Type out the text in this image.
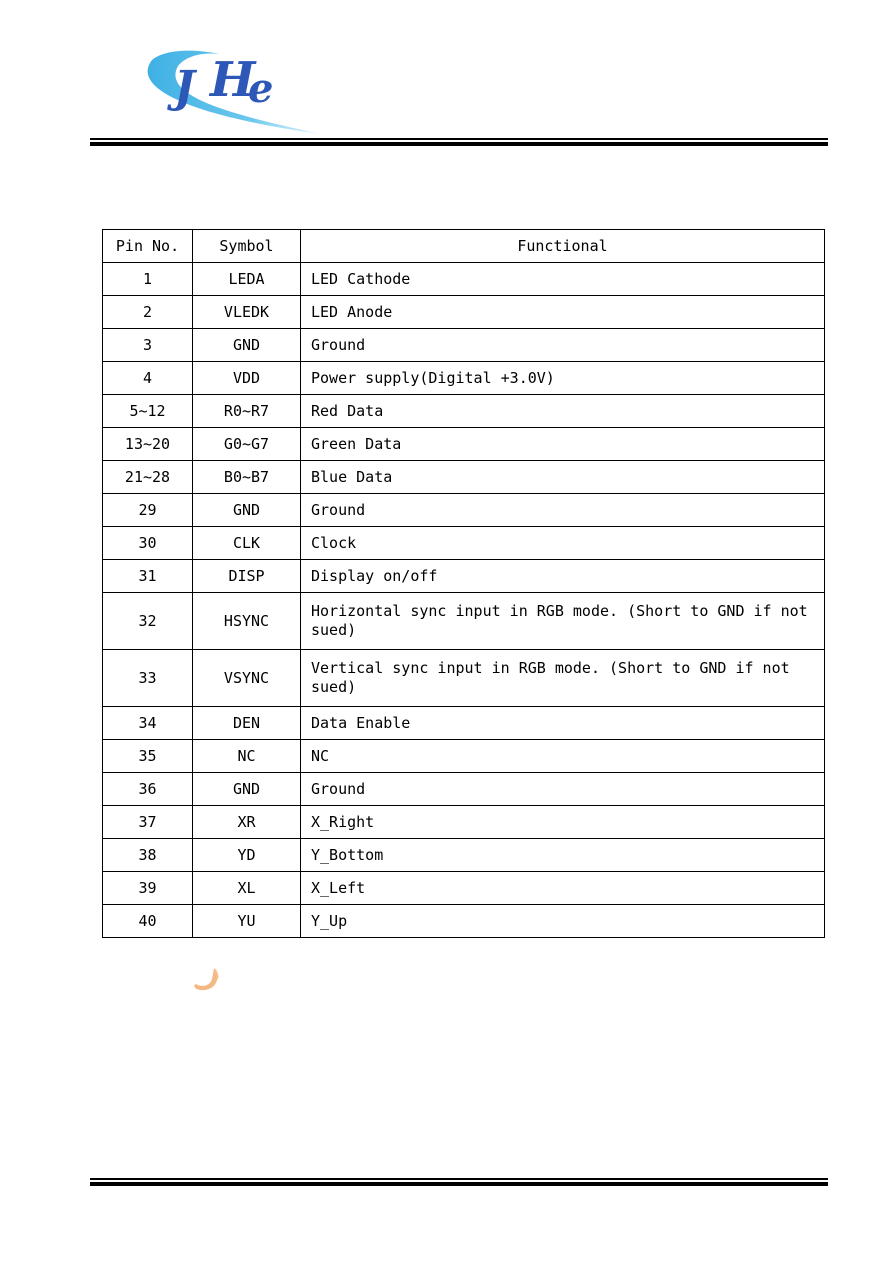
J H
e
Pin No.	Symbol	Functional
1	LEDA	LED Cathode
2	VLEDK	LED Anode
3	GND	Ground
4	VDD	Power supply(Digital +3.0V)
5~12	R0~R7	Red Data
13~20	G0~G7	Green Data
21~28	B0~B7	Blue Data
29	GND	Ground
30	CLK	Clock
31	DISP	Display on/off
32	HSYNC	Horizontal sync input in RGB mode. (Short to GND if not sued)
33	VSYNC	Vertical sync input in RGB mode. (Short to GND if not sued)
34	DEN	Data Enable
35	NC	NC
36	GND	Ground
37	XR	X_Right
38	YD	Y_Bottom
39	XL	X_Left
40	YU	Y_Up
